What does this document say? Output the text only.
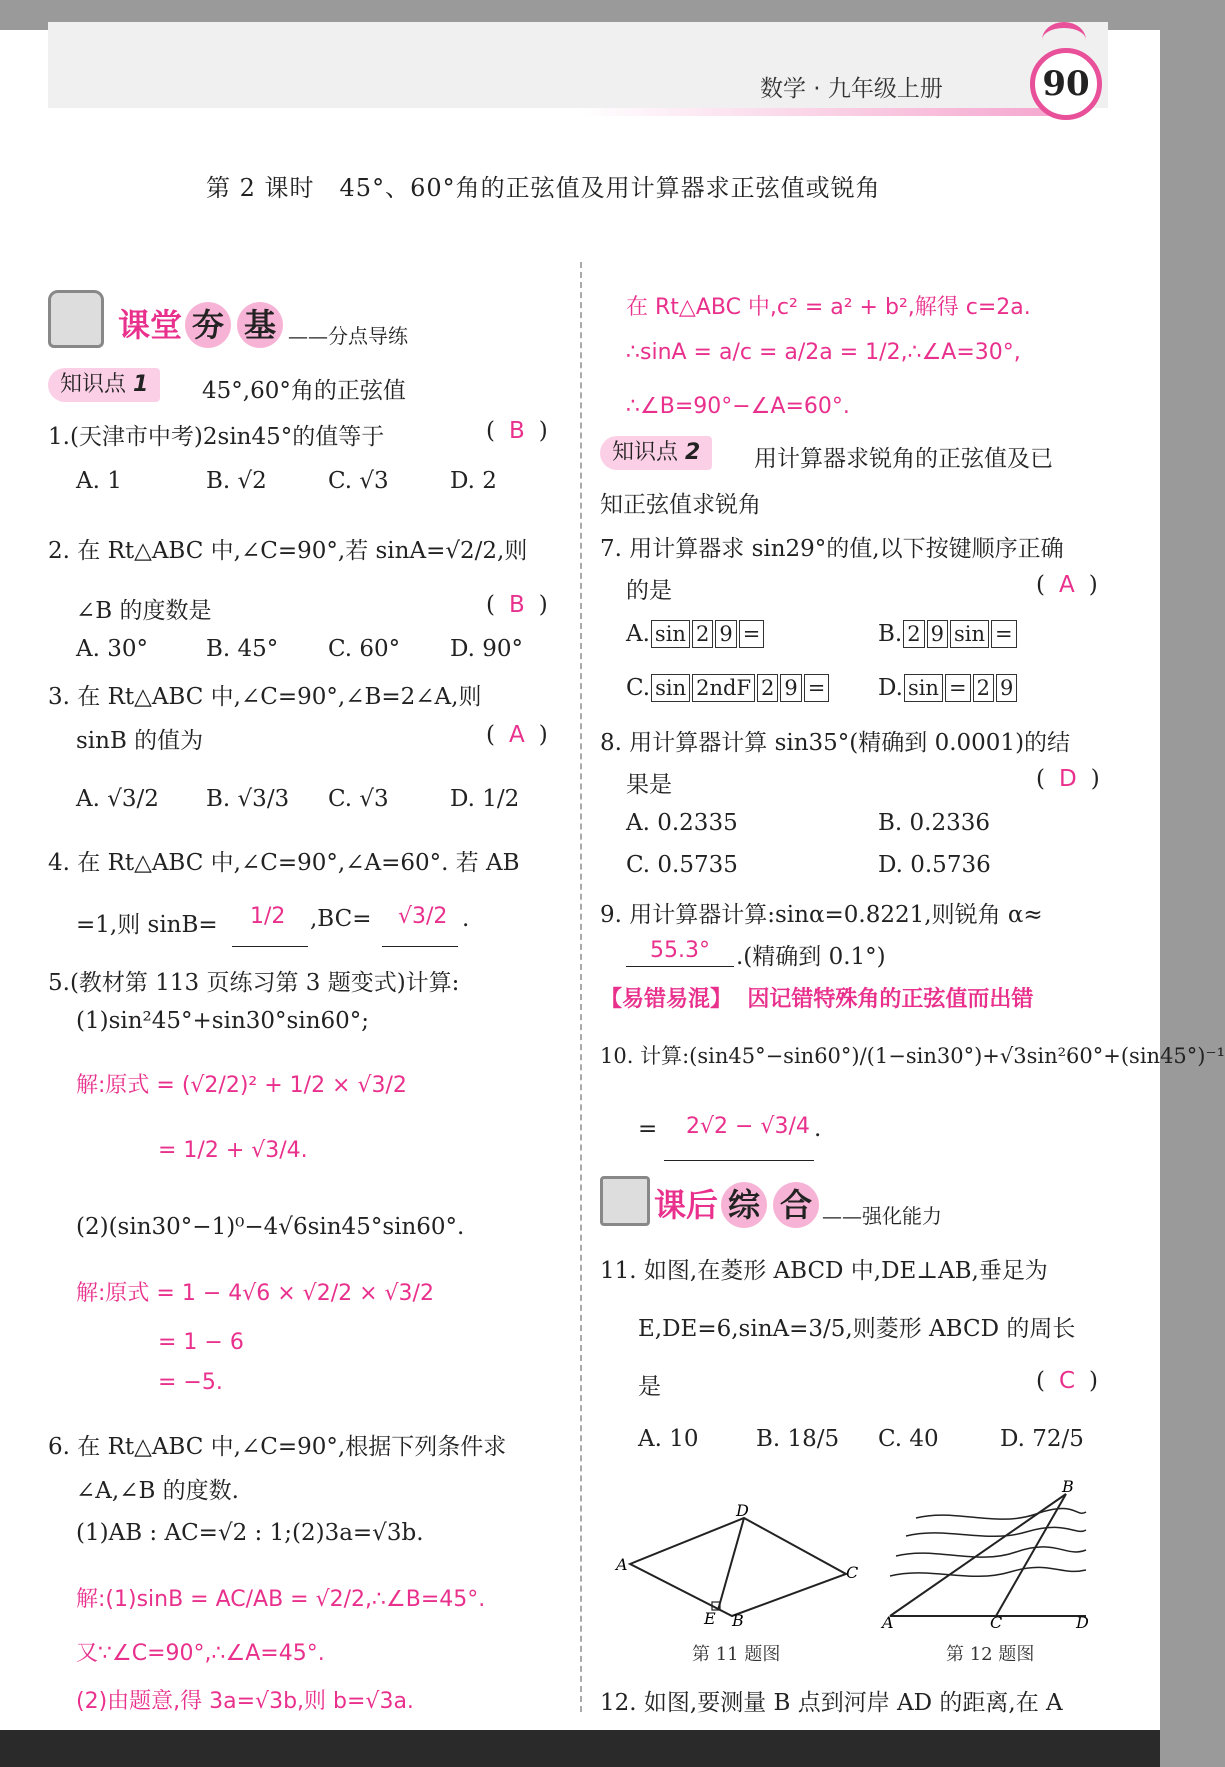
数学 · 九年级上册	90
第 2 课时　45°、60°角的正弦值及用计算器求正弦值或锐角
课堂 夯 基 ——分点导练
知识点 1	45°,60°角的正弦值
1.(天津市中考)2sin45°的值等于	( B )
A. 1	B. √2	C. √3	D. 2
2. 在 Rt△ABC 中,∠C=90°,若 sinA=√2/2,则
∠B 的度数是	( B )
A. 30°	B. 45° C. 60° D. 90°
3. 在 Rt△ABC 中,∠C=90°,∠B=2∠A,则
sinB 的值为	( A )
A. √3/2 B. √3/3 C. √3	D. 1/2
4. 在 Rt△ABC 中,∠C=90°,∠A=60°. 若 AB
=1,则 sinB= 1/2 ,BC= √3/2 .
5.(教材第 113 页练习第 3 题变式)计算:
(1)sin²45°+sin30°sin60°;
解:原式 = (√2/2)² + 1/2 × √3/2
= 1/2 + √3/4.
(2)(sin30°−1)⁰−4√6sin45°sin60°.
解:原式 = 1 − 4√6 × √2/2 × √3/2
= 1 − 6
= −5.
6. 在 Rt△ABC 中,∠C=90°,根据下列条件求
∠A,∠B 的度数.
(1)AB : AC=√2 : 1;(2)3a=√3b.
解:(1)sinB = AC/AB = √2/2,∴∠B=45°.
又∵∠C=90°,∴∠A=45°.
(2)由题意,得 3a=√3b,则 b=√3a.
在 Rt△ABC 中,c² = a² + b²,解得 c=2a.
∴sinA = a/c = a/2a = 1/2,∴∠A=30°,
∴∠B=90°−∠A=60°.
知识点 2	用计算器求锐角的正弦值及已
知正弦值求锐角
7. 用计算器求 sin29°的值,以下按键顺序正确
的是	( A )
A. sin 2 9 =	B. 2 9 sin =
C. sin 2ndF 2 9 = D. sin = 2 9
8. 用计算器计算 sin35°(精确到 0.0001)的结
果是	( D )
A. 0.2335	B. 0.2336
C. 0.5735	D. 0.5736
9. 用计算器计算:sinα=0.8221,则锐角 α≈
55.3° .(精确到 0.1°)
【易错易混】 因记错特殊角的正弦值而出错
10. 计算:(sin45°−sin60°)/(1−sin30°)+√3sin²60°+(sin45°)⁻¹
= 2√2 − √3/4 .
课后 综 合 ——强化能力
11. 如图,在菱形 ABCD 中,DE⊥AB,垂足为
E,DE=6,sinA=3/5,则菱形 ABCD 的周长
是	( C )
A. 10	B. 18/5 C. 40	D. 72/5
A
B
C
D
E
第 11 题图
A
B
C	D
第 12 题图
12. 如图,要测量 B 点到河岸 AD 的距离,在 A
